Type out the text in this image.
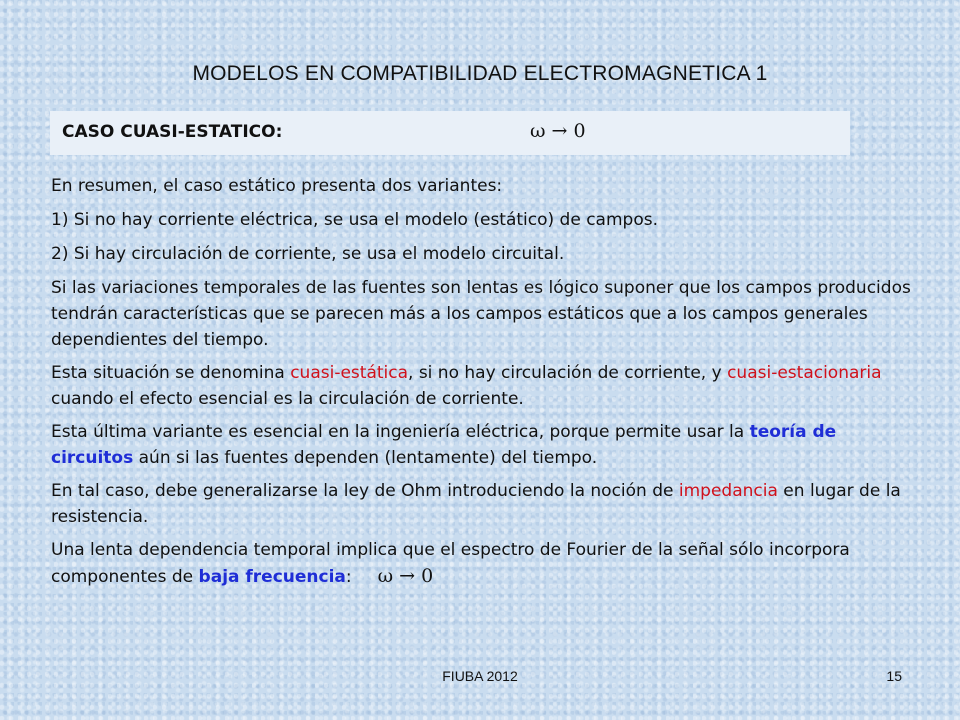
MODELOS EN COMPATIBILIDAD ELECTROMAGNETICA 1
CASO CUASI-ESTATICO:	ω → 0

En resumen, el caso estático presenta dos variantes:

1) Si no hay corriente eléctrica, se usa el modelo (estático) de campos.

2) Si hay circulación de corriente, se usa el modelo circuital.

Si las variaciones temporales de las fuentes son lentas es lógico suponer que los campos producidos tendrán características que se parecen más a los campos estáticos que a los campos generales dependientes del tiempo.

Esta situación se denomina cuasi-estática, si no hay circulación de corriente, y cuasi-estacionaria cuando el efecto esencial es la circulación de corriente.

Esta última variante es esencial en la ingeniería eléctrica, porque permite usar la teoría de circuitos aún si las fuentes dependen (lentamente) del tiempo.

En tal caso, debe generalizarse la ley de Ohm introduciendo la noción de impedancia en lugar de la resistencia.

Una lenta dependencia temporal implica que el espectro de Fourier de la señal sólo incorpora componentes de baja frecuencia: ω → 0

FIUBA 2012	15
